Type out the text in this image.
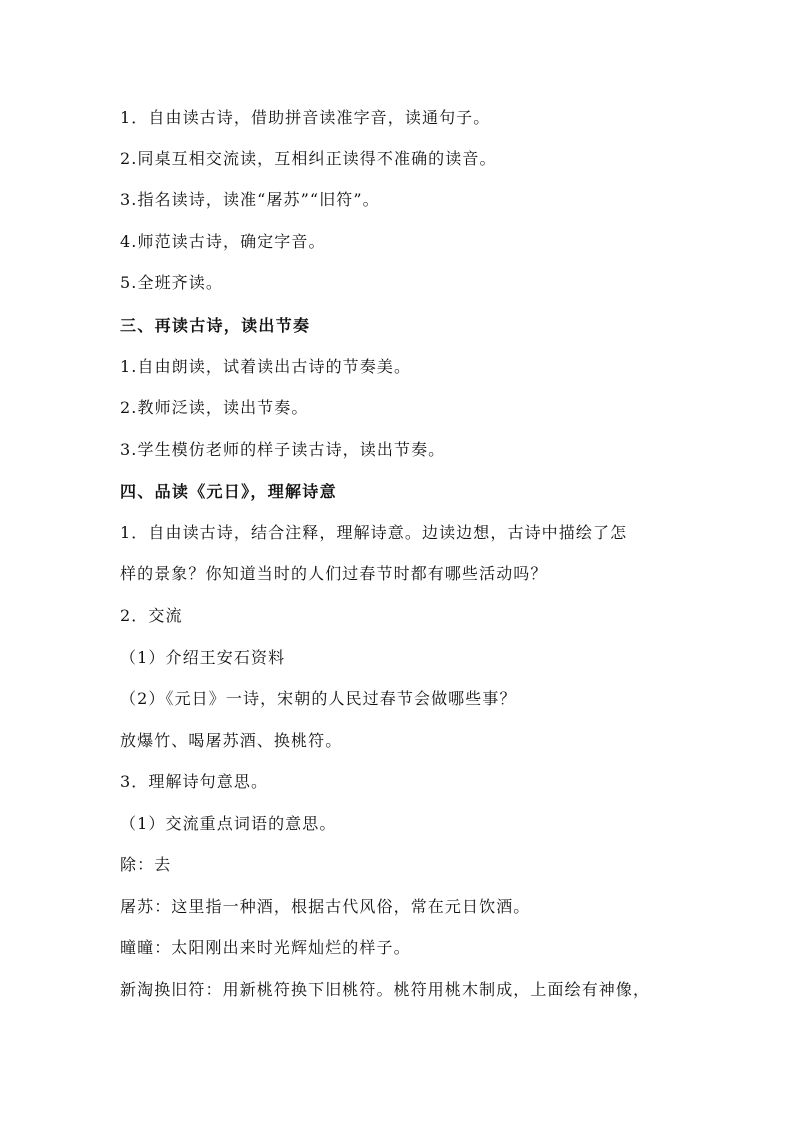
1．自由读古诗，借助拼音读准字音，读通句子。
2.同桌互相交流读，互相纠正读得不准确的读音。
3.指名读诗，读准“屠苏”“旧符”。
4.师范读古诗，确定字音。
5.全班齐读。
三、再读古诗，读出节奏
1.自由朗读，试着读出古诗的节奏美。
2.教师泛读，读出节奏。
3.学生模仿老师的样子读古诗，读出节奏。
四、品读《元日》，理解诗意
1．自由读古诗，结合注释，理解诗意。边读边想，古诗中描绘了怎
样的景象？你知道当时的人们过春节时都有哪些活动吗？
2．交流
（1）介绍王安石资料
（2）《元日》一诗，宋朝的人民过春节会做哪些事？
放爆竹、喝屠苏酒、换桃符。
3．理解诗句意思。
（1）交流重点词语的意思。
除：去
屠苏：这里指一种酒，根据古代风俗，常在元日饮酒。
曈曈：太阳刚出来时光辉灿烂的样子。
新淘换旧符：用新桃符换下旧桃符。桃符用桃木制成，上面绘有神像，
